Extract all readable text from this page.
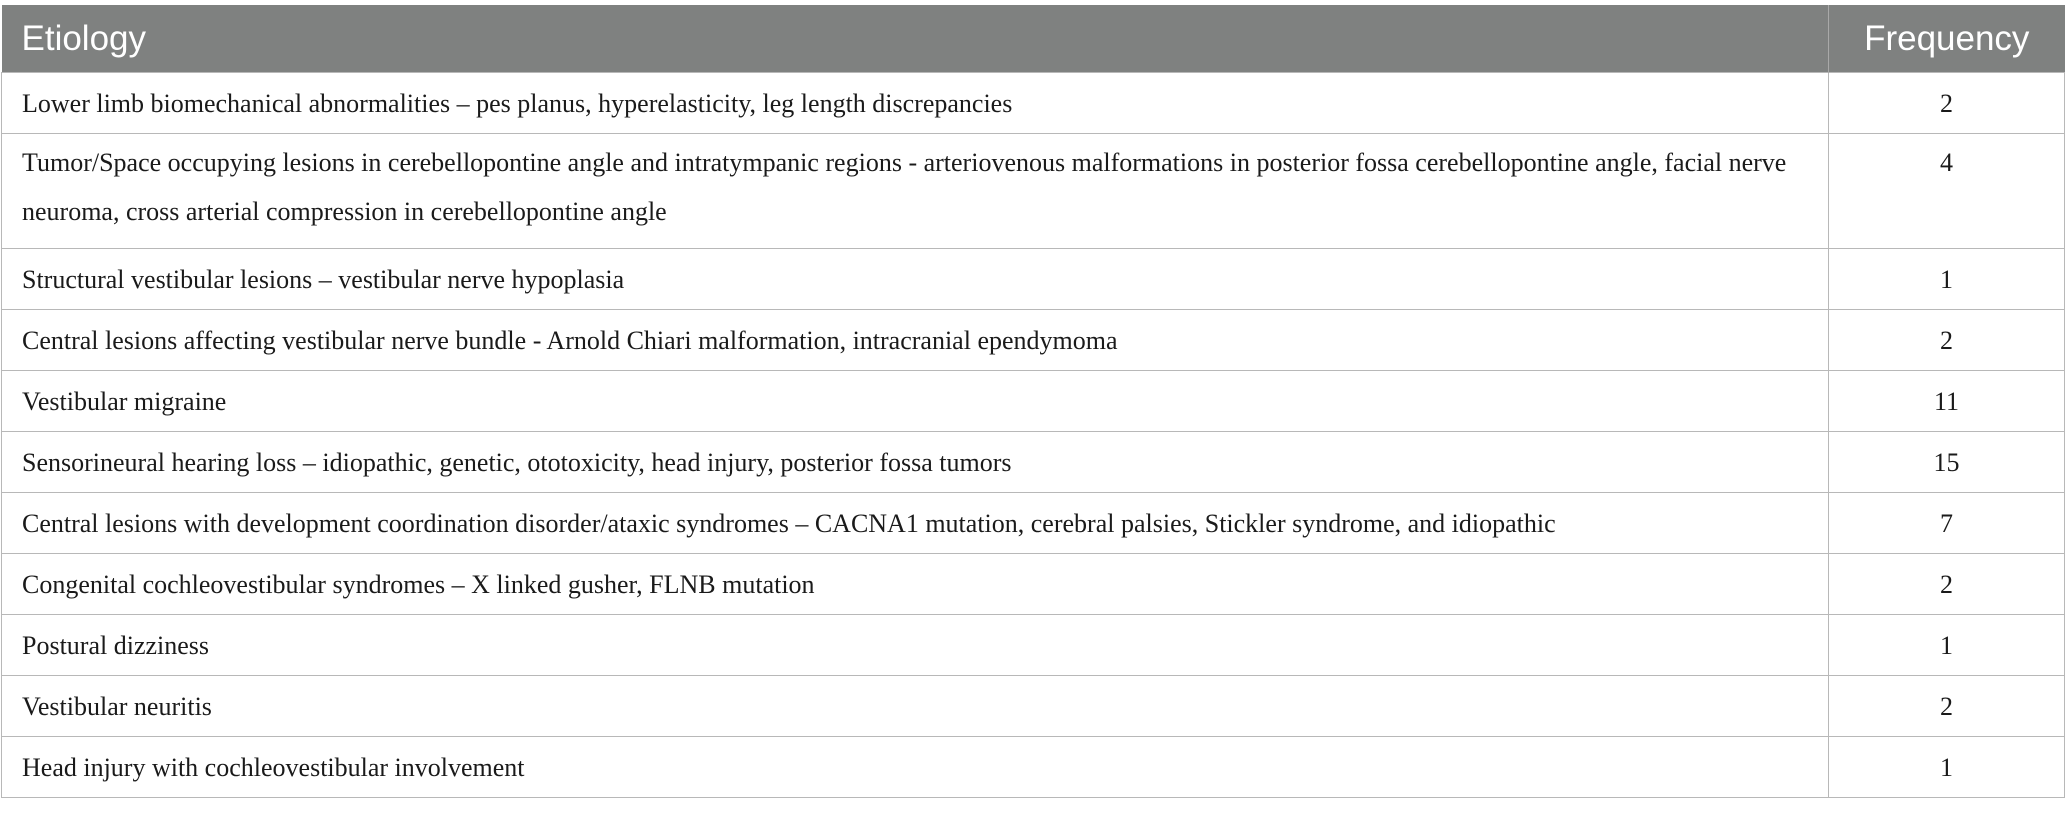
Etiology	Frequency
Lower limb biomechanical abnormalities – pes planus, hyperelasticity, leg length discrepancies	2
Tumor/Space occupying lesions in cerebellopontine angle and intratympanic regions - arteriovenous malformations in posterior fossa cerebellopontine angle, facial nerve neuroma, cross arterial compression in cerebellopontine angle	4
Structural vestibular lesions – vestibular nerve hypoplasia	1
Central lesions affecting vestibular nerve bundle - Arnold Chiari malformation, intracranial ependymoma	2
Vestibular migraine	11
Sensorineural hearing loss – idiopathic, genetic, ototoxicity, head injury, posterior fossa tumors	15
Central lesions with development coordination disorder/ataxic syndromes – CACNA1 mutation, cerebral palsies, Stickler syndrome, and idiopathic	7
Congenital cochleovestibular syndromes – X linked gusher, FLNB mutation	2
Postural dizziness	1
Vestibular neuritis	2
Head injury with cochleovestibular involvement	1
